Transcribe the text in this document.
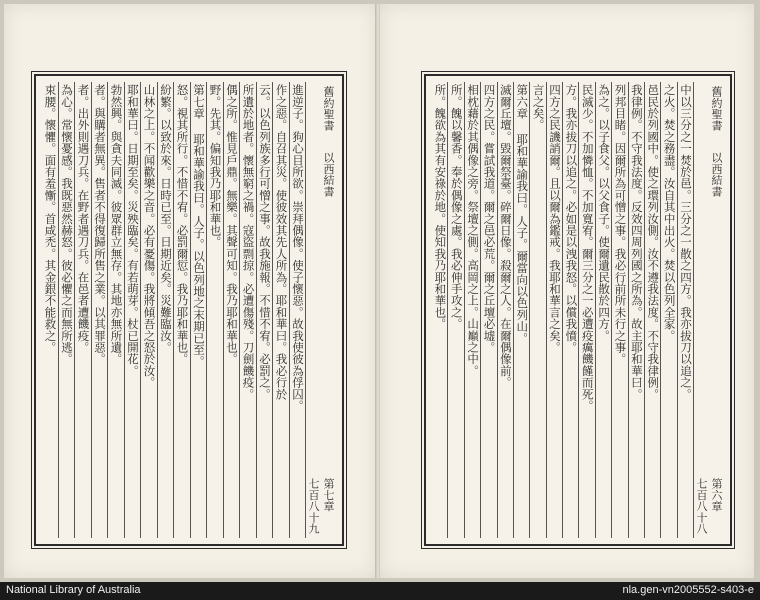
舊約聖書 以西結書
第七章
七百八十九
進逆子。狗心目所欲。崇拜偶像。使子懷惡。故我使彼為俘囚。
作之惡。自召其災。使彼效其先人所為。耶和華曰。我必行於
云。以色列族多行可憎之事。故我施報。不惜不宥。必罰之。
所遺於地者。懷無窮之禍。寇盜剽掠。必遭傷殘。刀劍饑疫。
偶之所。惟見戶鼎。無樂。其聲可知。我乃耶和華也。
野。先其。偏知我乃耶和華也。
第七章 耶和華諭我曰。人子。以色列地之末期已至。
怒。視其所行。不惜不宥。必罰爾愆。我乃耶和華也。
紛繁。以致於來。日時已至。日期近矣。災難臨汝。
山林之上。不闻歡樂之音。必有憂傷。我將傾吾之怒於汝。
耶和華曰。日期至矣。災殃臨矣。有若萌芽。杖已開花。
勃然興。與貪夫同滅。彼眾群立無存。其地亦無所遺。
者。與購者無異。售者不得復歸所售之業。以其罪惡。
者。出外則遇刀兵。在野者遇刀兵。在邑者遭饑疫。
為心。常懷憂感。我既惡然赫怒。彼必懼之而無所逃。
束腰。懷懼。面有羞慚。首咸禿。其金銀不能救之。	舊約聖書 以西結書
第六章
七百八十八
中以三分之一焚於邑。三分之一散之四方。我亦拔刀以追之。
之火。焚之務盡。汝自其中出火。焚以色列全家。
邑民於列國中。使之環列汝側。汝不遵我法度。不守我律例。
我律例。不守我法度。反效四周列國之所為。故主耶和華曰。
列邦目睹。因爾所為可憎之事。我必行前所未行之事。
為之。以子食父。以父食子。使爾遺民散於四方。
民滅少。不加憐恤。不加寬宥。爾三分之一必遭疫癘饑饉而死。
方。我亦拔刀以追之。必如是以洩我怒。以償我憤。
四方之民譏誚爾。且以爾為鑑戒。我耶和華言之矣。
言之矣。
第六章 耶和華諭我曰。人子。爾當向以色列山。
滅爾丘壇。毀爾祭臺。碎爾日像。殺爾之人。在爾偶像前。
四方之民。嘗試我道。爾之邑必荒。爾之丘壇必墟。
相枕藉於其偶像之旁。祭壇之側。高岡之上。山巔之中。
所。餽以馨香。奉於偶像之處。我必伸手攻之。
所。餽欲為其有安祿於地。使知我乃耶和華也。
National Library of Australia	nla.gen-vn2005552-s403-e
